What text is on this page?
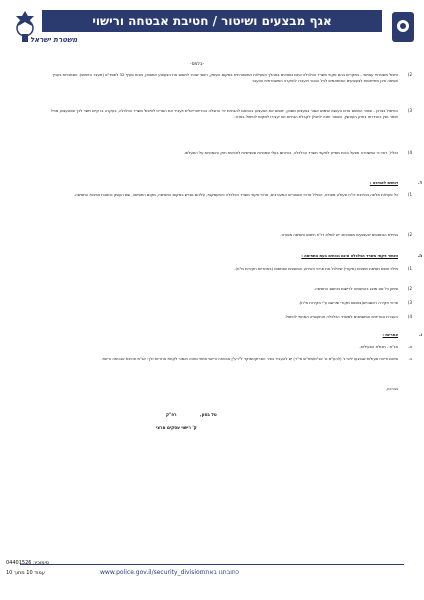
אגף מבצעים ושיטור / חטיבת אבטחה ורישוי
משטרת ישראל
-בלמס-
2)
טיפול משטרתי עצמאי - במקרים בהם פקחי משרד הכלכלה אינם נמצאים במהלך הפעילות המשטרתית במקום העסק, רשאי שוטר לתפוס את הצעצוע המסוכן, מכוח סעיף 32 לפסד"פ (מעצר וחיפוש). הסמכויות בעניין תפיסה אינן מתייחסות לצעצועים המותאמים לגיל הבוגר ויועברו לחוקרה המשטרתית והועבר
3)
הטיפול בצרכן - שוטר התופס אדם העושה שימוש אסור בצעצוע מסוכן, יתפוס את הצעצוע בהתאם להנחיות יח' החבלה הטריטוריאלית ויעביר את הפריט לטיפול משרד הכלכלה, בעקרה בו קיים חשד לכך שהצעצוע מכיל חומר נפץ כהגדרתו בחוק העונשין, השוטר ימנה לחבלן לקבלת הנחיות ואו יעבירו למקום לטיפול בפרט.
4)
ככלל, ראוי כי המשטרה תפעל בכוח מסייע לפקחי משרד הכלכלה, בהיותם בעלי סמכויות ספציפיות לאכיפת חוק האמנויות על הפעלתו.
ד.
דגשים לאכיפה :
1)
כל פעולות תלונה בכתיבת דו"ח פעולה מפורט, הכולל פרטי השוטרים המעורבים, פרטי פקחי משרד הכלכלה והתעסקות, עליהם נפרש במקום התפיסה, מקום התפיסה, שם העסק וכתובת נסיבות התפיסה.
2)
במידת הנתפסים יצעצועים מסוכנים: יש למלא דו"ח חיפוש ותפיסה מפורט.
ה.
כאשר פקחי משרד הכלכלה אינם נוכחים בעת התפיסה :
1)
מילוי טופס תפיסת מוצגים (מקורי) שיכלול את פרטי האירוע והמוצגים שנתפסו (באחריות חקירות מ"ח).
2)
סימון כל סוג מוצג בהתאמה לרישום בטופס התפיסה.
3)
פרטי חקירה ראשוניים(בטופס מקורי שירשם ע"י חקירות מ"ח).
4)
העברת הפריטים והמסמכים למשרד הכלכלה והתעשייה המחוזי לטיפול.
ו.
אחריות :
א.
אג"מ - תכולת הפעילות.
ב.
סיכום ודיווח פעולות שבוצעו ליפי ג' (להע"מ וג' אג"מ/מח"ש אי"ר) יש להעביר בציר הפרוקטמוקד ל"רע"ן אבטחה ורישוי מחוזי ומטה ואמור לקחת אחריות ולך: אג"מ חטיבת אבטחה ורישוי.
בברכה,
טל בסון,
רפ"ק
ק' רישוי עסקים ארצי
www.police.gov.il/security_division
כתובתנו באתר:
סימוכין: 04401526
עמוד 10 מתוך 10
